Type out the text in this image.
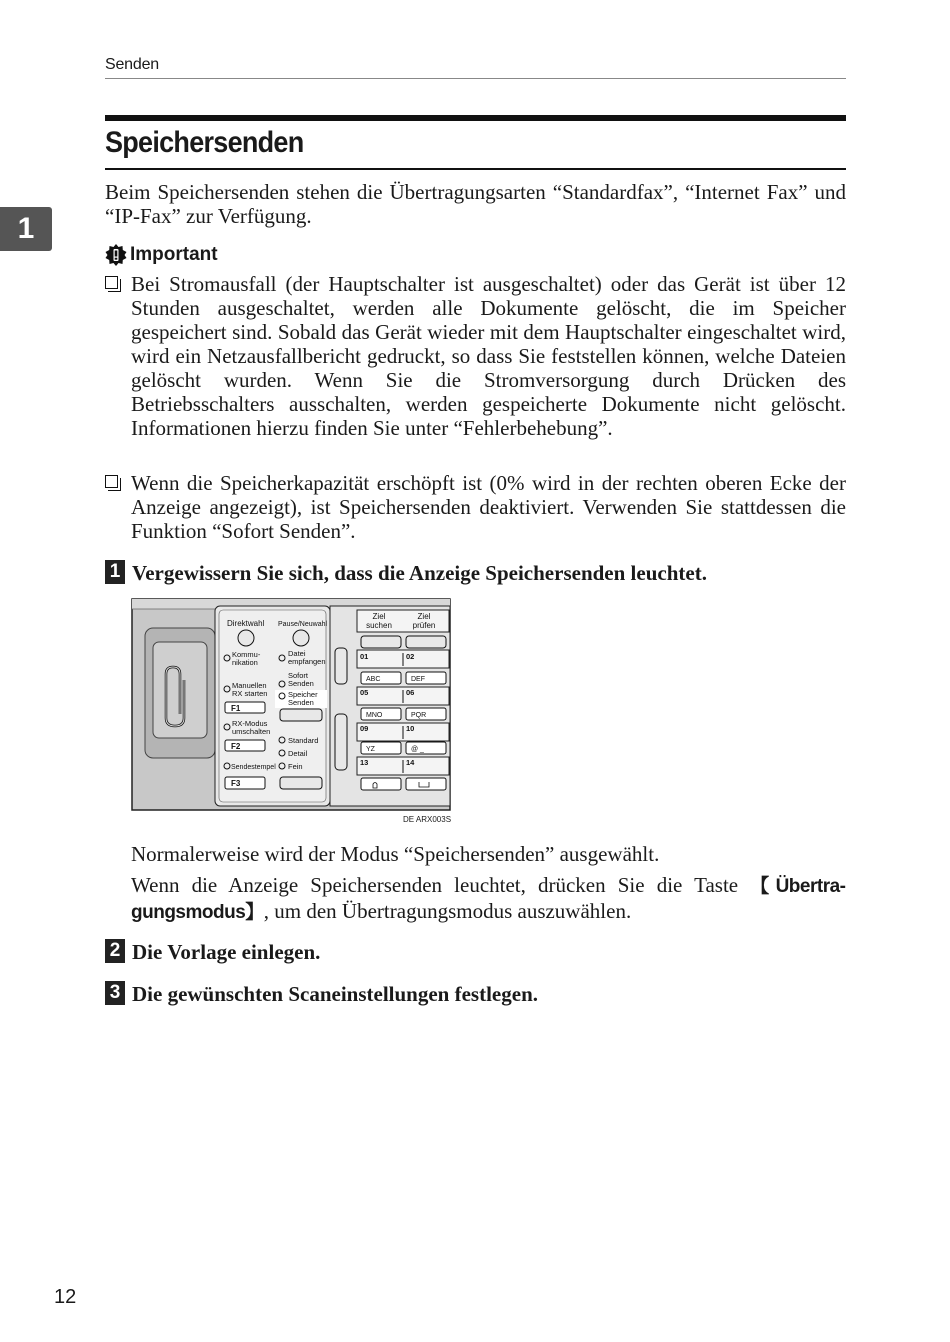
Senden
1
Speichersenden
Beim Speichersenden stehen die Übertragungsarten “Standardfax”, “Internet Fax” und “IP-Fax” zur Verfügung.
Important
Bei Stromausfall (der Hauptschalter ist ausgeschaltet) oder das Gerät ist über 12 Stunden ausgeschaltet, werden alle Dokumente gelöscht, die im Speicher gespeichert sind. Sobald das Gerät wieder mit dem Hauptschalter eingeschaltet wird, wird ein Netzausfallbericht gedruckt, so dass Sie feststellen können, welche Dateien gelöscht wurden. Wenn Sie die Stromversorgung durch Drücken des Betriebsschalters ausschalten, werden gespeicherte Dokumente nicht gelöscht. Informationen hierzu finden Sie unter “Fehlerbehebung”.
Wenn die Speicherkapazität erschöpft ist (0% wird in der rechten oberen Ecke der Anzeige angezeigt), ist Speichersenden deaktiviert. Verwenden Sie stattdessen die Funktion “Sofort Senden”.
1 Vergewissern Sie sich, dass die Anzeige Speichersenden leuchtet.
Direktwahl Pause/Neuwahl
Kommu-
nikation
Datei
empfangen
Sofort
Senden
Manuellen
RX starten	Speicher
Senden
F1
RX-Modus
umschalten
F2
Standard
Detail
Sendestempel Fein
F3
Ziel
suchen
Ziel
prüfen
01	02
ABC	DEF
05	06
MNO	PQR
09	10
YZ	@ _
13	14
DE ARX003S
Normalerweise wird der Modus “Speichersenden” ausgewählt.
Wenn die Anzeige Speichersenden leuchtet, drücken Sie die Taste 【Übertragungsmodus】, um den Übertragungsmodus auszuwählen.
2 Die Vorlage einlegen.
3 Die gewünschten Scaneinstellungen festlegen.
12
